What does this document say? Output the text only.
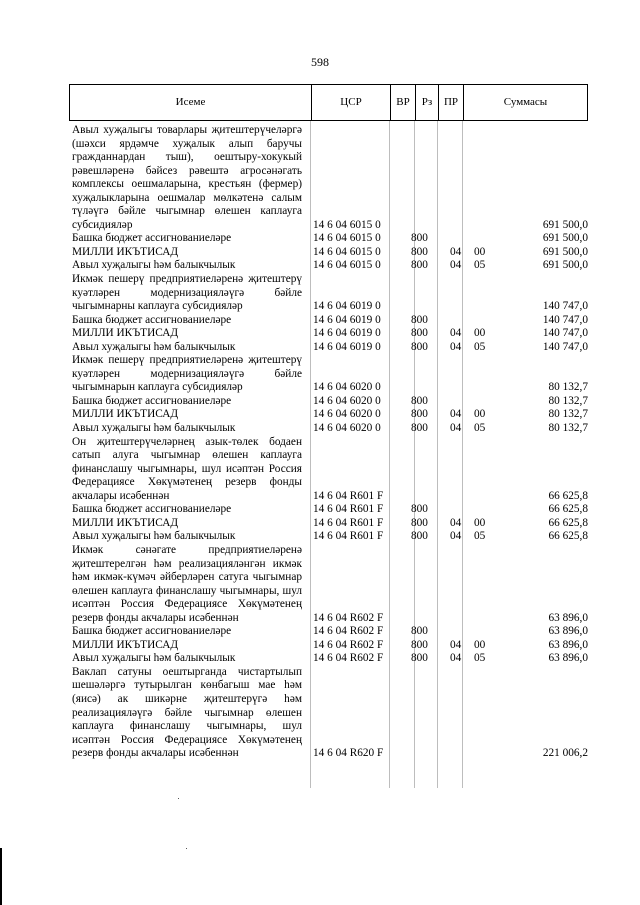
598
Исеме	ЦСР	ВР	Рз	ПР	Суммасы
Авыл хуҗалыгы товарлары җитештерүчеләргә (шәхси ярдәмче хуҗалык алып баручы гражданнардан тыш), оештыру-хокукый рәвешләренә бәйсез рәвештә агросәнәгать комплексы оешмаларына, крестьян (фермер) хуҗалыкларына оешмалар мөлкәтенә салым түләүгә бәйле чыгымнар өлешен каплауга субсидияләр	14 6 04 6015 0	691 500,0
Башка бюджет ассигнованиеләре	14 6 04 6015 0	800	691 500,0
МИЛЛИ ИКЪТИСАД	14 6 04 6015 0	800 04 00	691 500,0
Авыл хуҗалыгы һәм балыкчылык	14 6 04 6015 0	800 04 05	691 500,0
Икмәк пешерү предприятиеләренә җитештерү куәтләрен модернизацияләүгә бәйле чыгымнарны каплауга субсидияләр	14 6 04 6019 0	140 747,0
Башка бюджет ассигнованиеләре	14 6 04 6019 0	800	140 747,0
МИЛЛИ ИКЪТИСАД	14 6 04 6019 0	800 04 00	140 747,0
Авыл хуҗалыгы һәм балыкчылык	14 6 04 6019 0	800 04 05	140 747,0
Икмәк пешерү предприятиеләренә җитештерү куәтләрен модернизацияләүгә бәйле чыгымнарын каплауга субсидияләр	14 6 04 6020 0	80 132,7
Башка бюджет ассигнованиеләре	14 6 04 6020 0	800	80 132,7
МИЛЛИ ИКЪТИСАД	14 6 04 6020 0	800 04 00	80 132,7
Авыл хуҗалыгы һәм балыкчылык	14 6 04 6020 0	800 04 05	80 132,7
Он җитештерүчеләрнең азык-төлек бодаен сатып алуга чыгымнар өлешен каплауга финанслашу чыгымнары, шул исәптән Россия Федерациясе Хөкүмәтенең резерв фонды акчалары исәбеннән	14 6 04 R601 F	66 625,8
Башка бюджет ассигнованиеләре	14 6 04 R601 F 800	66 625,8
МИЛЛИ ИКЪТИСАД	14 6 04 R601 F 800 04 00	66 625,8
Авыл хуҗалыгы һәм балыкчылык	14 6 04 R601 F 800 04 05	66 625,8
Икмәк сәнәгате предприятиеләренә җитештерелгән һәм реализацияләнгән икмәк һәм икмәк-күмәч әйберләрен сатуга чыгымнар өлешен каплауга финанслашу чыгымнары, шул исәптән Россия Федерациясе Хөкүмәтенең резерв фонды акчалары исәбеннән	14 6 04 R602 F	63 896,0
Башка бюджет ассигнованиеләре	14 6 04 R602 F 800	63 896,0
МИЛЛИ ИКЪТИСАД	14 6 04 R602 F 800 04 00	63 896,0
Авыл хуҗалыгы һәм балыкчылык	14 6 04 R602 F 800 04 05	63 896,0
Ваклап сатуны оештырганда чистартылып шешәләргә тутырылган көнбагыш мае һәм (яисә) ак шикәрне җитештерүгә һәм реализацияләүгә бәйле чыгымнар өлешен каплауга финанслашу чыгымнары, шул исәптән Россия Федерациясе Хөкүмәтенең резерв фонды акчалары исәбеннән	14 6 04 R620 F	221 006,2
